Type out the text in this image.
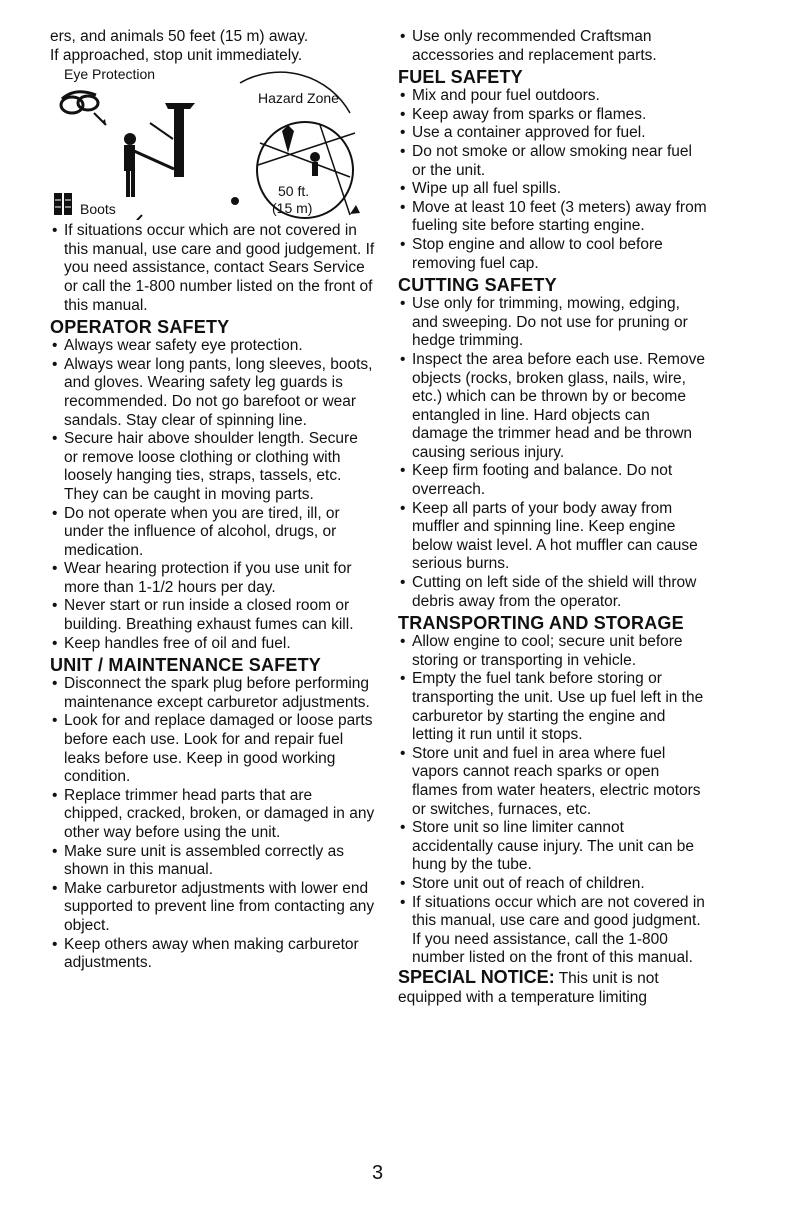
ers, and animals 50 feet (15 m) away.

If approached, stop unit immediately.

Eye Protection
Hazard Zone
50 ft.
(15 m)
Boots
• If situations occur which are not covered in this manual, use care and good judgement. If you need assistance, contact Sears Service or call the 1-800 number listed on the front of this manual.
OPERATOR SAFETY
• Always wear safety eye protection.
• Always wear long pants, long sleeves, boots, and gloves. Wearing safety leg guards is recommended. Do not go barefoot or wear sandals. Stay clear of spinning line.
• Secure hair above shoulder length. Secure or remove loose clothing or clothing with loosely hanging ties, straps, tassels, etc. They can be caught in moving parts.
• Do not operate when you are tired, ill, or under the influence of alcohol, drugs, or medication.
• Wear hearing protection if you use unit for more than 1-1/2 hours per day.
• Never start or run inside a closed room or building. Breathing exhaust fumes can kill.
• Keep handles free of oil and fuel.
UNIT / MAINTENANCE SAFETY
• Disconnect the spark plug before performing maintenance except carburetor adjustments.
• Look for and replace damaged or loose parts before each use. Look for and repair fuel leaks before use. Keep in good working condition.
• Replace trimmer head parts that are chipped, cracked, broken, or damaged in any other way before using the unit.
• Make sure unit is assembled correctly as shown in this manual.
• Make carburetor adjustments with lower end supported to prevent line from contacting any object.
• Keep others away when making carburetor adjustments.
• Use only recommended Craftsman accessories and replacement parts.
FUEL SAFETY
• Mix and pour fuel outdoors.
• Keep away from sparks or flames.
• Use a container approved for fuel.
• Do not smoke or allow smoking near fuel or the unit.
• Wipe up all fuel spills.
• Move at least 10 feet (3 meters) away from fueling site before starting engine.
• Stop engine and allow to cool before removing fuel cap.
CUTTING SAFETY
• Use only for trimming, mowing, edging, and sweeping. Do not use for pruning or hedge trimming.
• Inspect the area before each use. Remove objects (rocks, broken glass, nails, wire, etc.) which can be thrown by or become entangled in line. Hard objects can damage the trimmer head and be thrown causing serious injury.
• Keep firm footing and balance. Do not overreach.
• Keep all parts of your body away from muffler and spinning line. Keep engine below waist level. A hot muffler can cause serious burns.
• Cutting on left side of the shield will throw debris away from the operator.
TRANSPORTING AND STORAGE
• Allow engine to cool; secure unit before storing or transporting in vehicle.
• Empty the fuel tank before storing or transporting the unit. Use up fuel left in the carburetor by starting the engine and letting it run until it stops.
• Store unit and fuel in area where fuel vapors cannot reach sparks or open flames from water heaters, electric motors or switches, furnaces, etc.
• Store unit so line limiter cannot accidentally cause injury. The unit can be hung by the tube.
• Store unit out of reach of children.
• If situations occur which are not covered in this manual, use care and good judgment. If you need assistance, call the 1-800 number listed on the front of this manual.

SPECIAL NOTICE: This unit is not equipped with a temperature limiting

3
